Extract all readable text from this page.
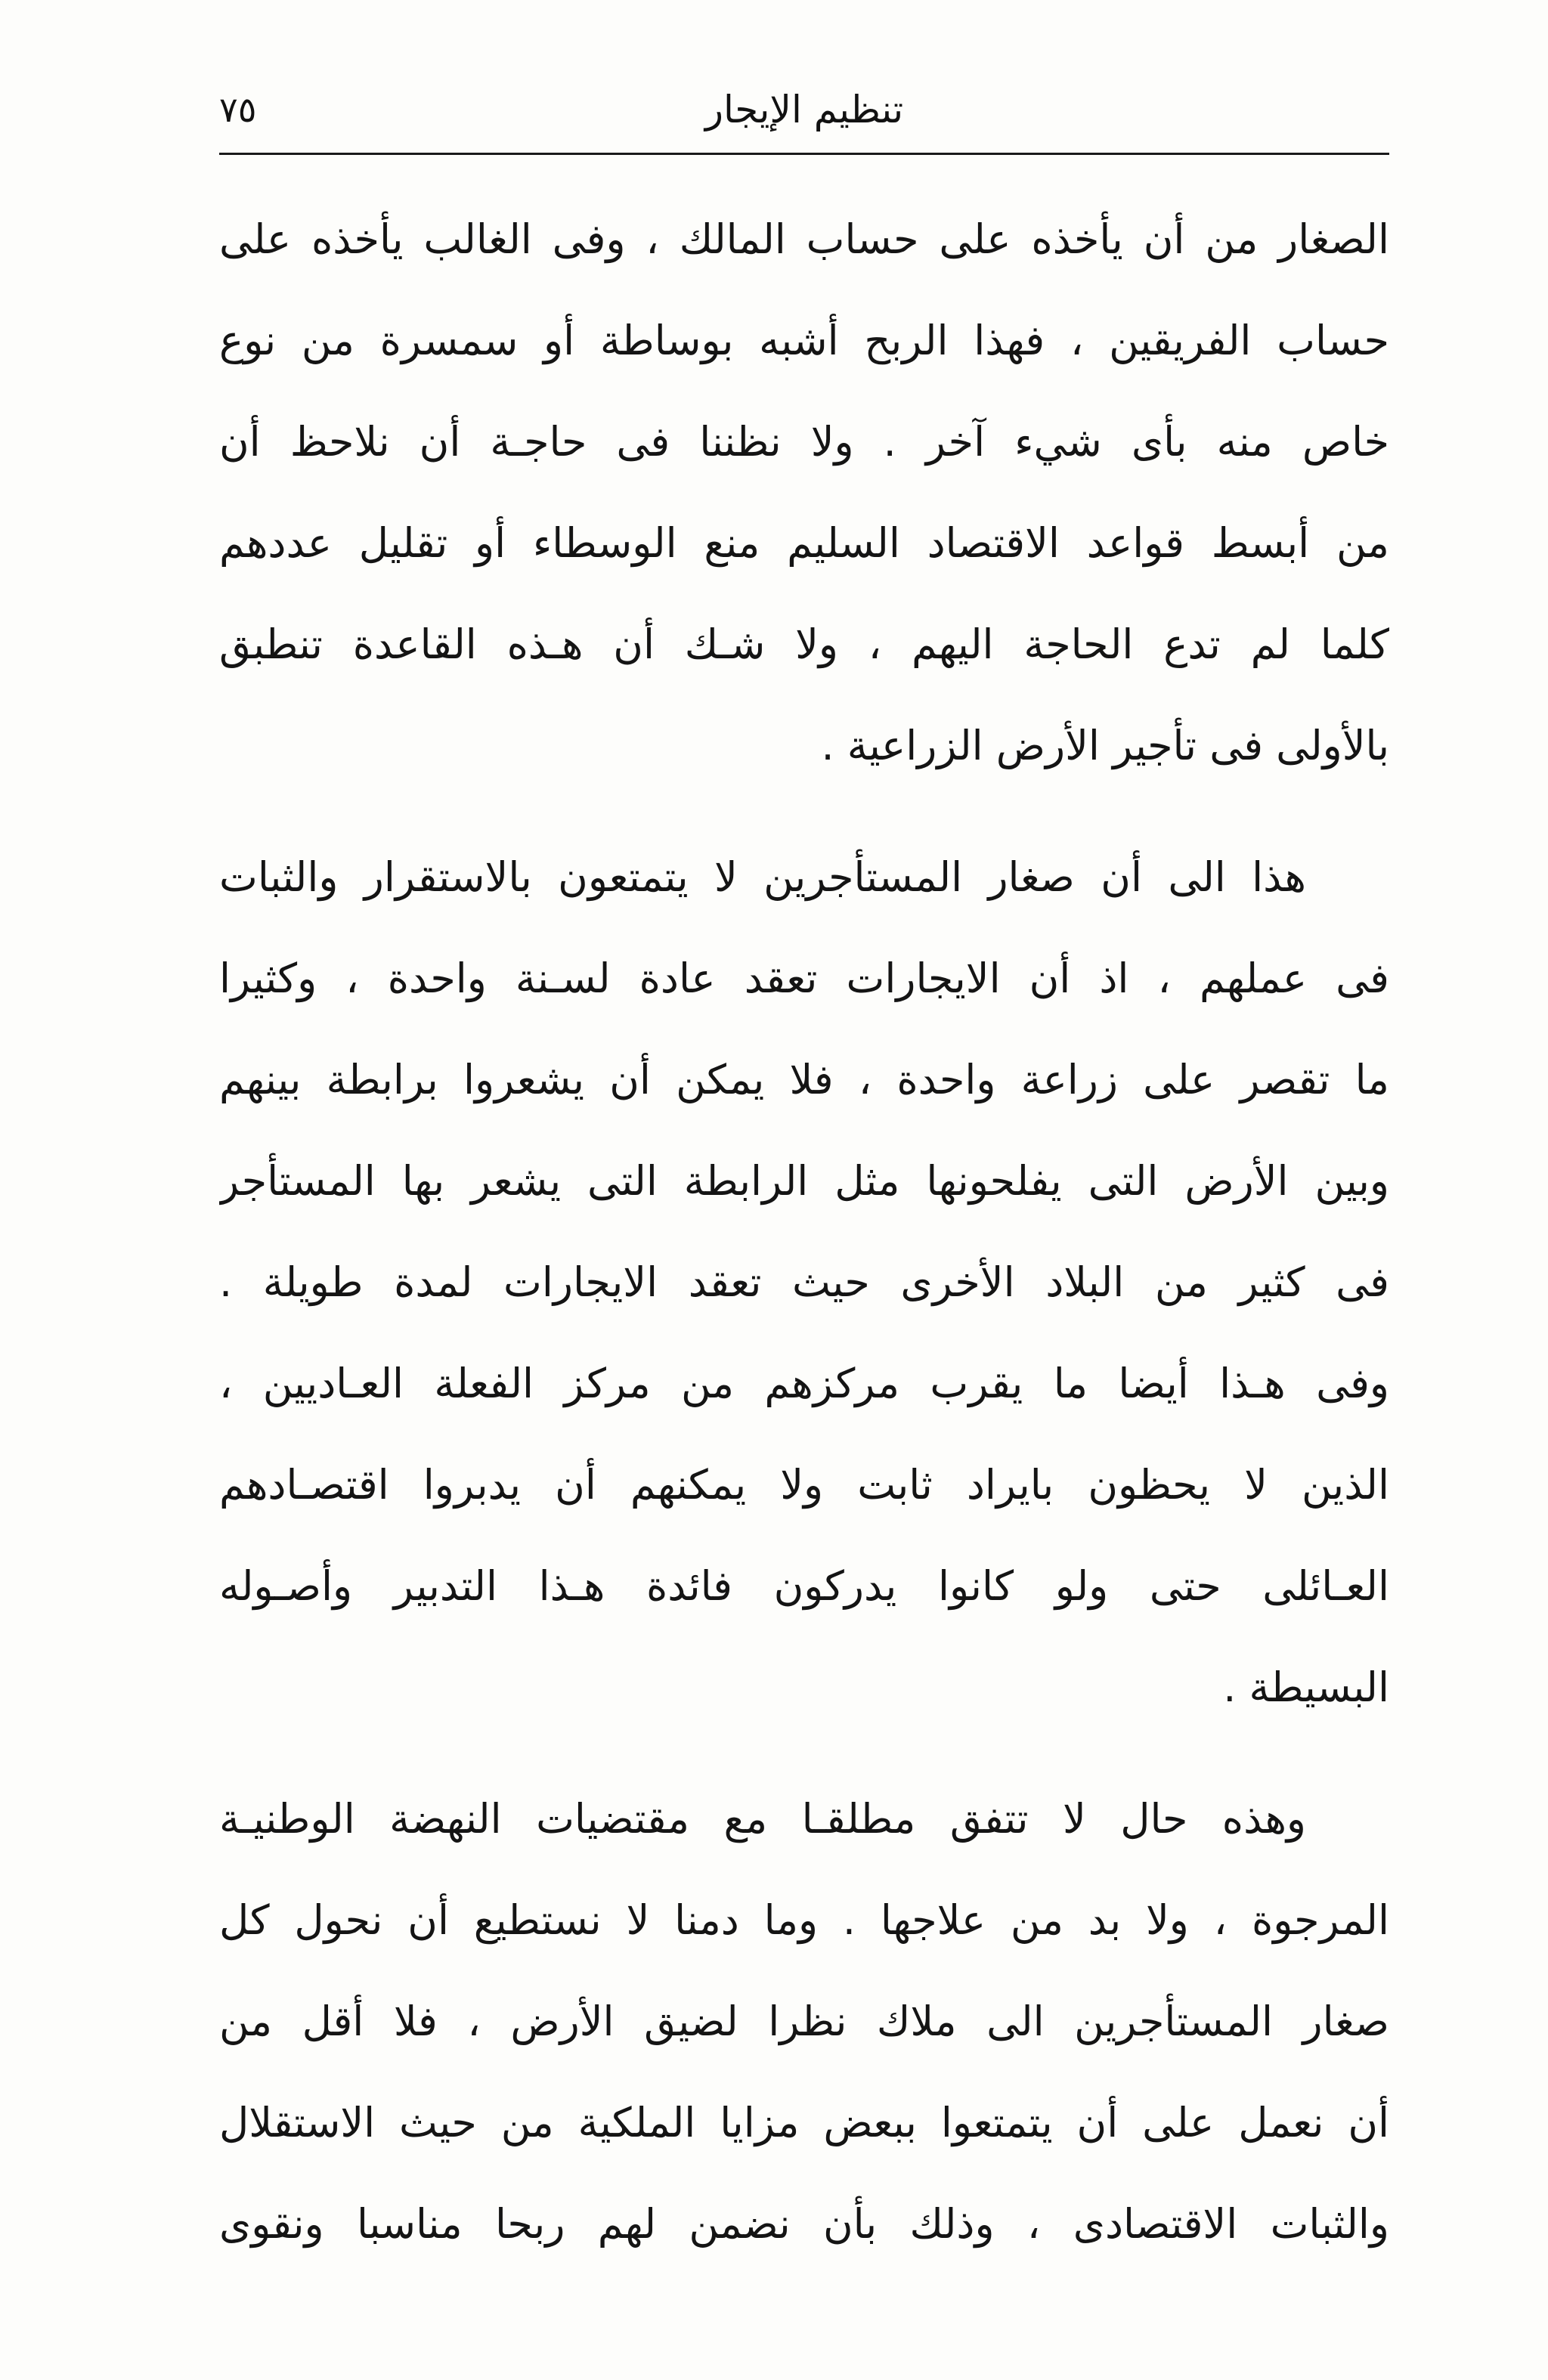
٧٥	تنظيم الإيجار
الصغار من أن يأخذه على حساب المالك ، وفى الغالب يأخذه على
حساب الفريقين ، فهذا الربح أشبه بوساطة أو سمسرة من نوع
خاص منه بأى شيء آخر . ولا نظننا فى حاجـة أن نلاحظ أن
من أبسط قواعد الاقتصاد السليم منع الوسطاء أو تقليل عددهم
كلما لم تدع الحاجة اليهم ، ولا شـك أن هـذه القاعدة تنطبق
بالأولى فى تأجير الأرض الزراعية .
هذا الى أن صغار المستأجرين لا يتمتعون بالاستقرار والثبات
فى عملهم ، اذ أن الايجارات تعقد عادة لسـنة واحدة ، وكثيرا
ما تقصر على زراعة واحدة ، فلا يمكن أن يشعروا برابطة بينهم
وبين الأرض التى يفلحونها مثل الرابطة التى يشعر بها المستأجر
فى كثير من البلاد الأخرى حيث تعقد الايجارات لمدة طويلة .
وفى هـذا أيضا ما يقرب مركزهم من مركز الفعلة العـاديين ،
الذين لا يحظون بايراد ثابت ولا يمكنهم أن يدبروا اقتصـادهم
العـائلى حتى ولو كانوا يدركون فائدة هـذا التدبير وأصـوله
البسيطة .
وهذه حال لا تتفق مطلقـا مع مقتضيات النهضة الوطنيـة
المرجوة ، ولا بد من علاجها . وما دمنا لا نستطيع أن نحول كل
صغار المستأجرين الى ملاك نظرا لضيق الأرض ، فلا أقل من
أن نعمل على أن يتمتعوا ببعض مزايا الملكية من حيث الاستقلال
والثبات الاقتصادى ، وذلك بأن نضمن لهم ربحا مناسبا ونقوى
